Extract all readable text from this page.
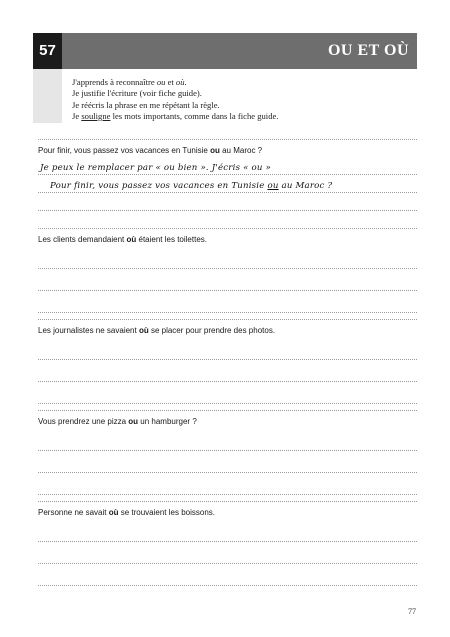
57	OU ET OÙ
J'apprends à reconnaître ou et où.
Je justifie l'écriture (voir fiche guide).
Je réécris la phrase en me répétant la règle.
Je souligne les mots importants, comme dans la fiche guide.
Pour finir, vous passez vos vacances en Tunisie ou au Maroc ?
Je peux le remplacer par « ou bien ». J'écris « ou »
Pour finir, vous passez vos vacances en Tunisie ou au Maroc ?
Les clients demandaient où étaient les toilettes.
Les journalistes ne savaient où se placer pour prendre des photos.
Vous prendrez une pizza ou un hamburger ?
Personne ne savait où se trouvaient les boissons.
77
